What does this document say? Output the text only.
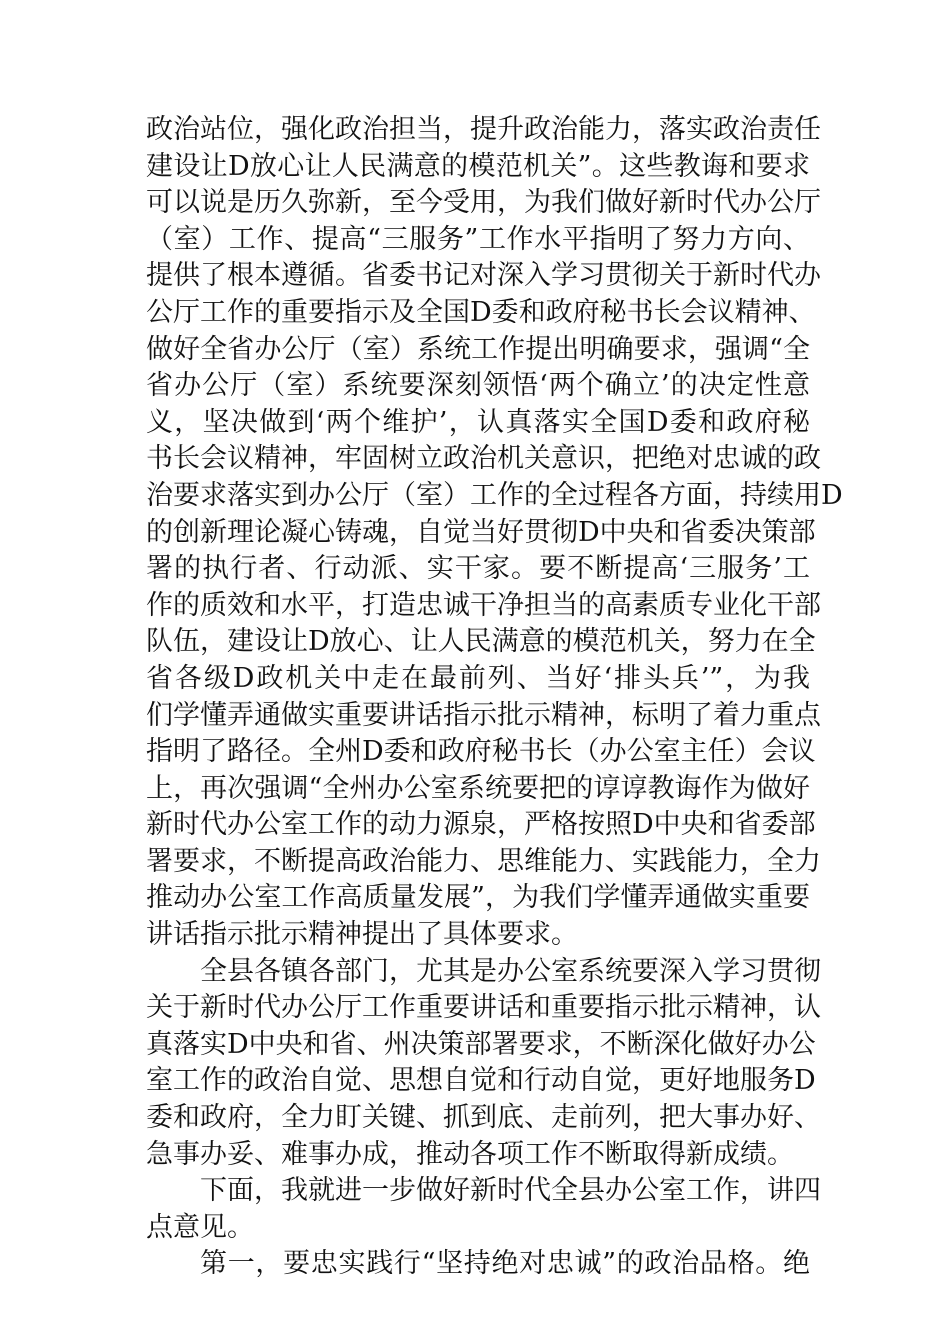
政治站位，强化政治担当，提升政治能力，落实政治责任
建设让D放心让人民满意的模范机关”。这些教诲和要求
可以说是历久弥新，至今受用，为我们做好新时代办公厅
（室）工作、提高“三服务”工作水平指明了努力方向、
提供了根本遵循。省委书记对深入学习贯彻关于新时代办
公厅工作的重要指示及全国D委和政府秘书长会议精神、
做好全省办公厅（室）系统工作提出明确要求，强调“全
省办公厅（室）系统要深刻领悟‘两个确立’的决定性意
义，坚决做到‘两个维护’，认真落实全国D委和政府秘
书长会议精神，牢固树立政治机关意识，把绝对忠诚的政
治要求落实到办公厅（室）工作的全过程各方面，持续用D
的创新理论凝心铸魂，自觉当好贯彻D中央和省委决策部
署的执行者、行动派、实干家。要不断提高‘三服务’工
作的质效和水平，打造忠诚干净担当的高素质专业化干部
队伍，建设让D放心、让人民满意的模范机关，努力在全
省各级D政机关中走在最前列、当好‘排头兵’”，为我
们学懂弄通做实重要讲话指示批示精神，标明了着力重点
指明了路径。全州D委和政府秘书长（办公室主任）会议
上，再次强调“全州办公室系统要把的谆谆教诲作为做好
新时代办公室工作的动力源泉，严格按照D中央和省委部
署要求，不断提高政治能力、思维能力、实践能力，全力
推动办公室工作高质量发展”，为我们学懂弄通做实重要
讲话指示批示精神提出了具体要求。
全县各镇各部门，尤其是办公室系统要深入学习贯彻
关于新时代办公厅工作重要讲话和重要指示批示精神，认
真落实D中央和省、州决策部署要求，不断深化做好办公
室工作的政治自觉、思想自觉和行动自觉，更好地服务D
委和政府，全力盯关键、抓到底、走前列，把大事办好、
急事办妥、难事办成，推动各项工作不断取得新成绩。
下面，我就进一步做好新时代全县办公室工作，讲四
点意见。
第一，要忠实践行“坚持绝对忠诚”的政治品格。绝
